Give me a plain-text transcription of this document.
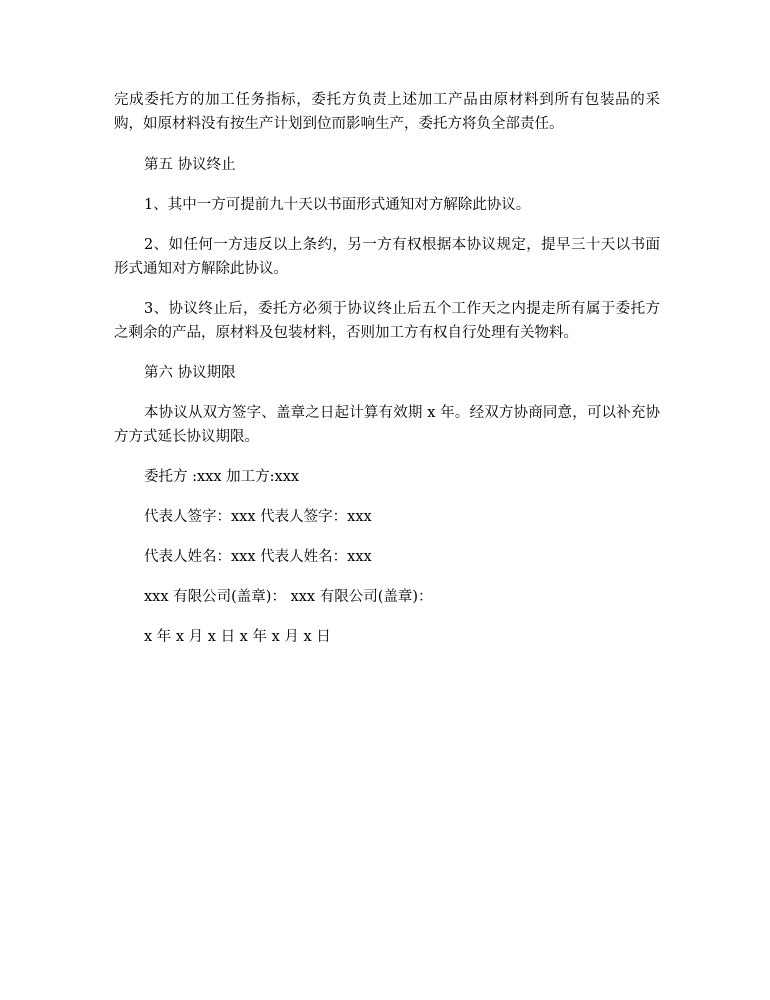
完成委托方的加工任务指标，委托方负责上述加工产品由原材料到所有包装品的采购，如原材料没有按生产计划到位而影响生产，委托方将负全部责任。

第五 协议终止

1、其中一方可提前九十天以书面形式通知对方解除此协议。

2、如任何一方违反以上条约，另一方有权根据本协议规定，提早三十天以书面形式通知对方解除此协议。

3、协议终止后，委托方必须于协议终止后五个工作天之内提走所有属于委托方之剩余的产品，原材料及包装材料，否则加工方有权自行处理有关物料。

第六 协议期限

本协议从双方签字、盖章之日起计算有效期 x 年。经双方协商同意，可以补充协方方式延长协议期限。

委托方 :xxx 加工方:xxx

代表人签字：xxx 代表人签字：xxx

代表人姓名：xxx 代表人姓名：xxx

xxx 有限公司(盖章)： xxx 有限公司(盖章)：

x 年 x 月 x 日 x 年 x 月 x 日
